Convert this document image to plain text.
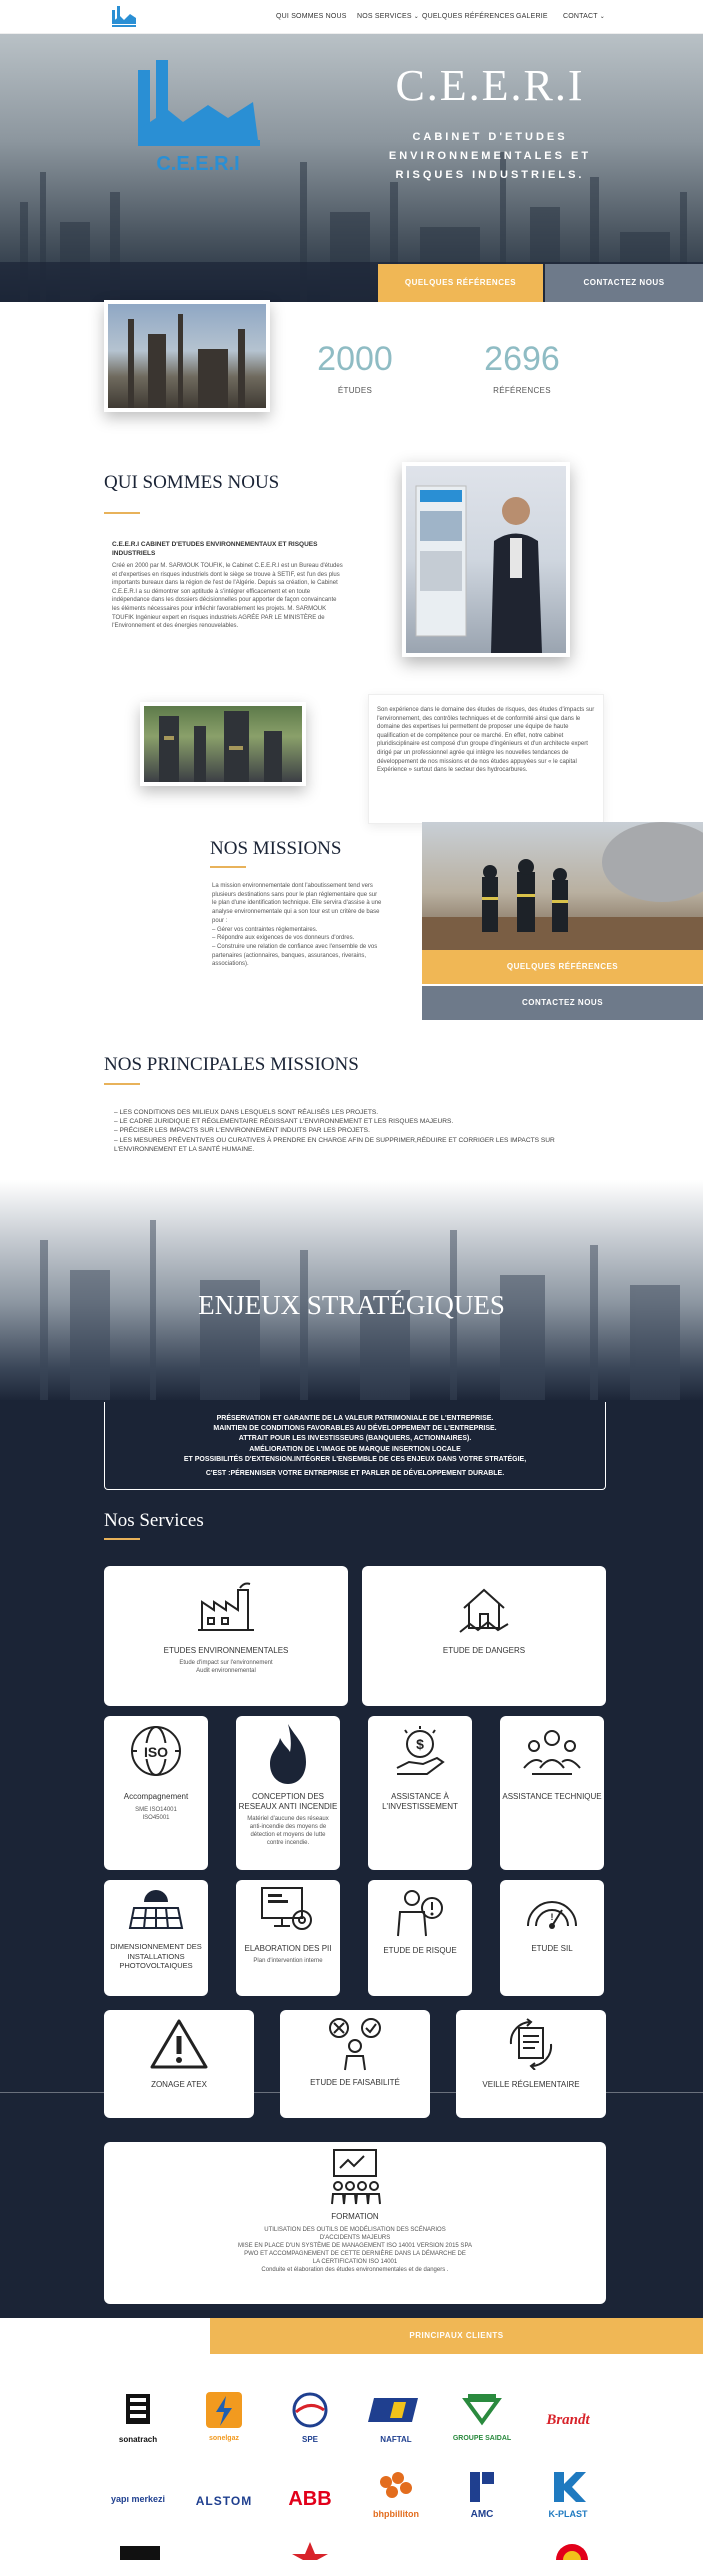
QUI SOMMES NOUS NOS SERVICES ⌄ QUELQUES RÉFÉRENCES GALERIE CONTACT ⌄
C.E.E.R.I
C.E.E.R.I
CABINET D'ETUDES
ENVIRONNEMENTALES ET
RISQUES INDUSTRIELS.
QUELQUES RÉFÉRENCES	CONTACTEZ NOUS
2000
ÉTUDES
2696
RÉFÉRENCES
QUI SOMMES NOUS
C.E.E.R.I CABINET D'ETUDES ENVIRONNEMENTAUX ET RISQUES INDUSTRIELS
Créé en 2000 par M. SARMOUK TOUFIK, le Cabinet C.E.E.R.I est un Bureau d'études et d'expertises en risques industriels dont le siège se trouve à SETIF, est l'un des plus importants bureaux dans la région de l'est de l'Algérie. Depuis sa création, le Cabinet C.E.E.R.I a su démontrer son aptitude à s'intégrer efficacement et en toute indépendance dans les dossiers décisionnelles pour apporter de façon convaincante les éléments nécessaires pour infléchir favorablement les projets. M. SARMOUK TOUFIK Ingénieur expert en risques industriels AGRÉE PAR LE MINISTÈRE de l'Environnement et des énergies renouvelables.
Son expérience dans le domaine des études de risques, des études d'impacts sur l'environnement, des contrôles techniques et de conformité ainsi que dans le domaine des expertises lui permettent de proposer une équipe de haute qualification et de compétence pour ce marché. En effet, notre cabinet pluridisciplinaire est composé d'un groupe d'ingénieurs et d'un architecte expert dirigé par un professionnel agrée qui intègre les nouvelles tendances de développement de nos missions et de nos études appuyées sur « le capital Expérience » surtout dans le secteur des hydrocarbures.
NOS MISSIONS
La mission environnementale dont l'aboutissement tend vers plusieurs destinations sans pour le plan réglementaire que sur le plan d'une identification technique. Elle servira d'assise à une analyse environnementale qui a son tour est un critère de base pour :
– Gérer vos contraintes réglementaires.
– Répondre aux exigences de vos donneurs d'ordres.
– Construire une relation de confiance avec l'ensemble de vos partenaires (actionnaires, banques, assurances, riverains, associations).	QUELQUES RÉFÉRENCES
CONTACTEZ NOUS
NOS PRINCIPALES MISSIONS
– LES CONDITIONS DES MILIEUX DANS LESQUELS SONT RÉALISÉS LES PROJETS.
– LE CADRE JURIDIQUE ET RÉGLEMENTAIRE RÉGISSANT L'ENVIRONNEMENT ET LES RISQUES MAJEURS.
– PRÉCISER LES IMPACTS SUR L'ENVIRONNEMENT INDUITS PAR LES PROJETS.
– LES MESURES PRÉVENTIVES OU CURATIVES À PRENDRE EN CHARGE AFIN DE SUPPRIMER,RÉDUIRE ET CORRIGER LES IMPACTS SUR L'ENVIRONNEMENT ET LA SANTÉ HUMAINE.
ENJEUX STRATÉGIQUES
PRÉSERVATION ET GARANTIE DE LA VALEUR PATRIMONIALE DE L'ENTREPRISE.
MAINTIEN DE CONDITIONS FAVORABLES AU DÉVELOPPEMENT DE L'ENTREPRISE.
ATTRAIT POUR LES INVESTISSEURS (BANQUIERS, ACTIONNAIRES).
AMÉLIORATION DE L'IMAGE DE MARQUE INSERTION LOCALE
ET POSSIBILITÉS D'EXTENSION.INTÉGRER L'ENSEMBLE DE CES ENJEUX DANS VOTRE STRATÉGIE,
C'EST :PÉRENNISER VOTRE ENTREPRISE ET PARLER DE DÉVELOPPEMENT DURABLE.
Nos Services
ETUDES ENVIRONNEMENTALES
Etude d'impact sur l'environnement
Audit environnemental
ETUDE DE DANGERS
ISO
Accompagnement
SME ISO14001
ISO45001
CONCEPTION DES RESEAUX ANTI INCENDIE
Matériel d'aucune des réseaux anti-incendie des moyens de détection et moyens de lutte contre incendie.
$
ASSISTANCE À L'INVESTISSEMENT
ASSISTANCE TECHNIQUE
DIMENSIONNEMENT DES INSTALLATIONS PHOTOVOLTAIQUES
ELABORATION DES PII
Plan d'intervention interne
ETUDE DE RISQUE
!
ETUDE SIL
ZONAGE ATEX	ETUDE DE FAISABILITÉ	VEILLE RÉGLEMENTAIRE
FORMATION
UTILISATION DES OUTILS DE MODÉLISATION DES SCÉNARIOS D'ACCIDENTS MAJEURS
MISE EN PLACE D'UN SYSTÈME DE MANAGEMENT ISO 14001 VERSION 2015 SPA
PWO ET ACCOMPAGNEMENT DE CETTE DERNIÈRE DANS LA DÉMARCHE DE LA CERTIFICATION ISO 14001
Conduite et élaboration des études environnementales et de dangers .
PRINCIPAUX CLIENTS
sonatrach	sonelgaz	SPE	NAFTAL	GROUPE SAIDAL
Brandt
yapı merkezi	ALSTOM	ABB
bhpbilliton	AMC	K-PLAST
